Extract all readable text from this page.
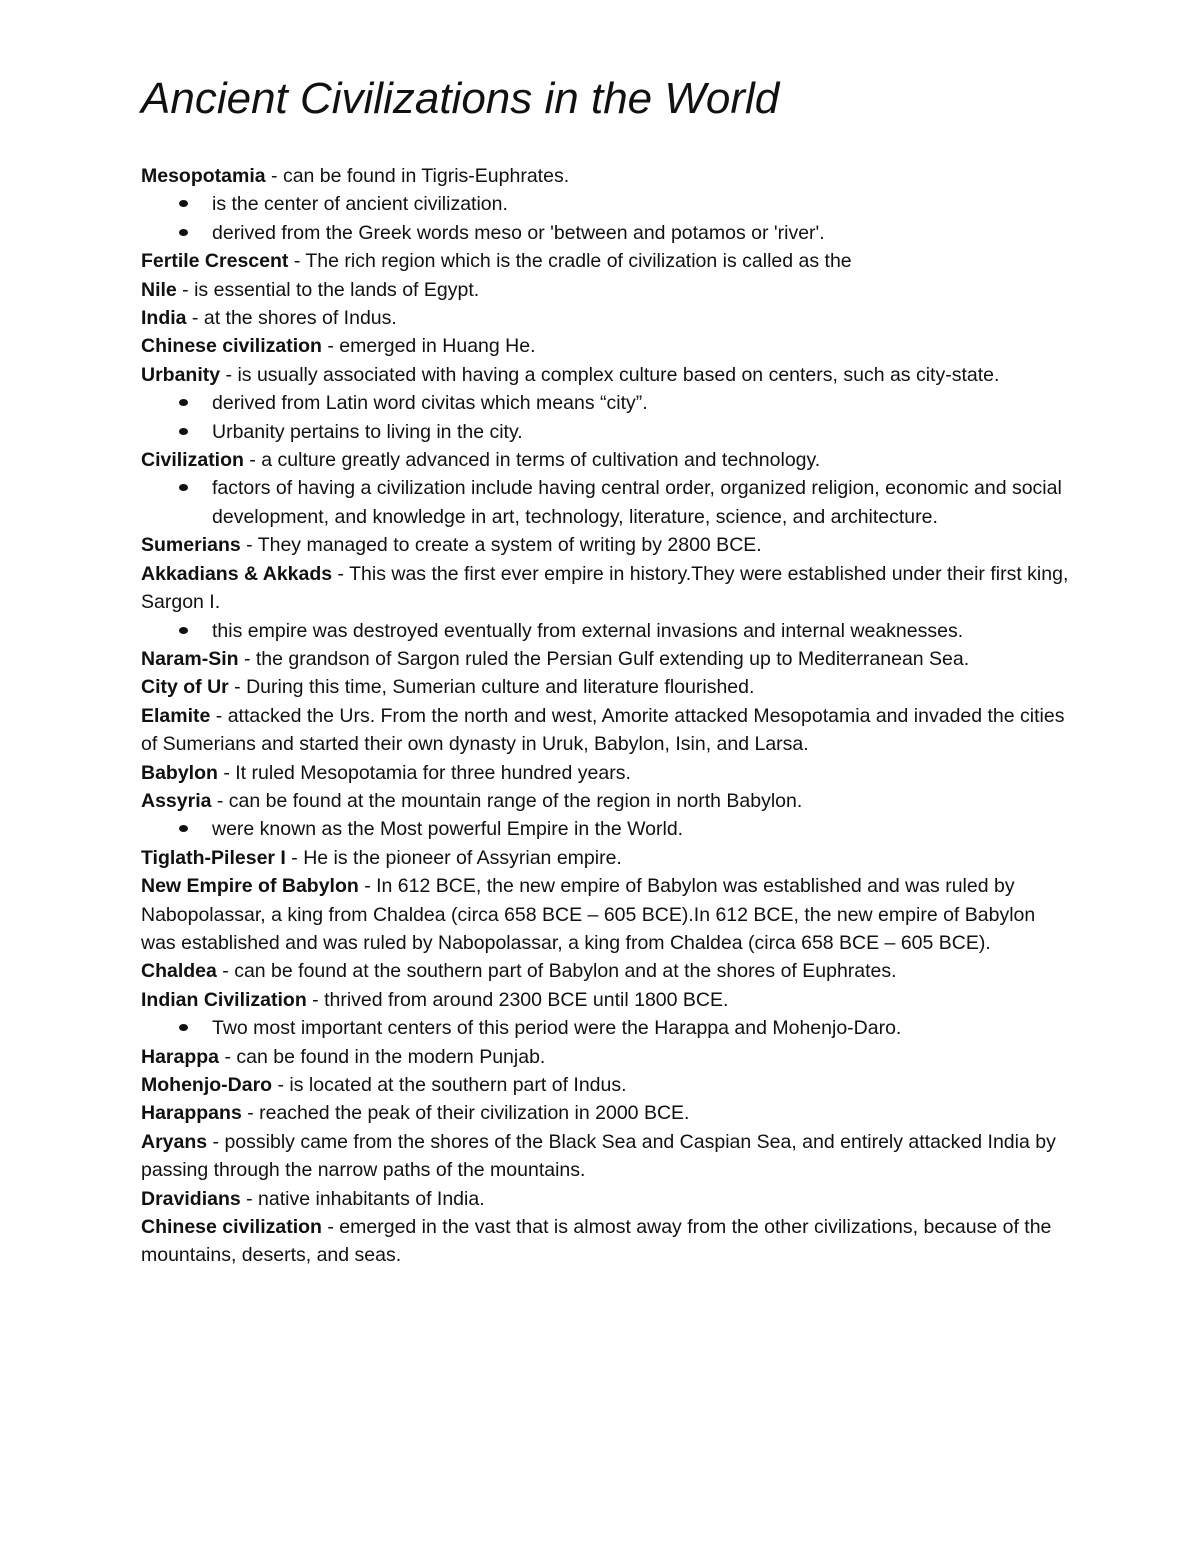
Ancient Civilizations in the World

Mesopotamia - can be found in Tigris-Euphrates.

is the center of ancient civilization.
derived from the Greek words meso or 'between and potamos or 'river'.

Fertile Crescent - The rich region which is the cradle of civilization is called as the

Nile - is essential to the lands of Egypt.

India - at the shores of Indus.

Chinese civilization - emerged in Huang He.

Urbanity - is usually associated with having a complex culture based on centers, such as city-state.

derived from Latin word civitas which means “city”.
Urbanity pertains to living in the city.

Civilization - a culture greatly advanced in terms of cultivation and technology.

factors of having a civilization include having central order, organized religion, economic and social development, and knowledge in art, technology, literature, science, and architecture.

Sumerians - They managed to create a system of writing by 2800 BCE.

Akkadians & Akkads - This was the first ever empire in history.They were established under their first king, Sargon I.

this empire was destroyed eventually from external invasions and internal weaknesses.

Naram-Sin - the grandson of Sargon ruled the Persian Gulf extending up to Mediterranean Sea.

City of Ur - During this time, Sumerian culture and literature flourished.

Elamite - attacked the Urs. From the north and west, Amorite attacked Mesopotamia and invaded the cities of Sumerians and started their own dynasty in Uruk, Babylon, Isin, and Larsa.

Babylon - It ruled Mesopotamia for three hundred years.

Assyria - can be found at the mountain range of the region in north Babylon.

were known as the Most powerful Empire in the World.

Tiglath-Pileser I - He is the pioneer of Assyrian empire.

New Empire of Babylon - In 612 BCE, the new empire of Babylon was established and was ruled by Nabopolassar, a king from Chaldea (circa 658 BCE – 605 BCE).In 612 BCE, the new empire of Babylon was established and was ruled by Nabopolassar, a king from Chaldea (circa 658 BCE – 605 BCE).

Chaldea - can be found at the southern part of Babylon and at the shores of Euphrates.

Indian Civilization - thrived from around 2300 BCE until 1800 BCE.

Two most important centers of this period were the Harappa and Mohenjo-Daro.

Harappa - can be found in the modern Punjab.

Mohenjo-Daro - is located at the southern part of Indus.

Harappans - reached the peak of their civilization in 2000 BCE.

Aryans - possibly came from the shores of the Black Sea and Caspian Sea, and entirely attacked India by passing through the narrow paths of the mountains.

Dravidians - native inhabitants of India.

Chinese civilization - emerged in the vast that is almost away from the other civilizations, because of the mountains, deserts, and seas.
